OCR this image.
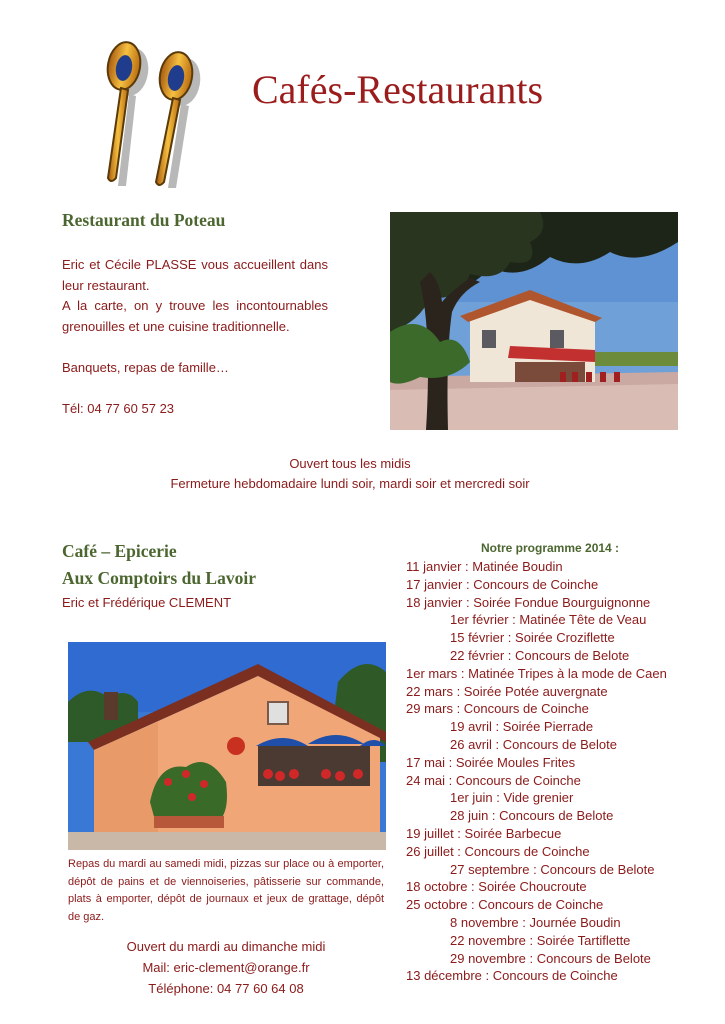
Cafés-Restaurants
Restaurant du Poteau
Eric et Cécile PLASSE vous accueillent dans
leur restaurant.
A la carte, on y trouve les incontournables
grenouilles et une cuisine traditionnelle.
Banquets, repas de famille…
Tél: 04 77 60 57 23
Ouvert tous les midis
Fermeture hebdomadaire lundi soir, mardi soir et mercredi soir
Café – Epicerie
Aux Comptoirs du Lavoir
Eric et Frédérique CLEMENT
Repas du mardi au samedi midi, pizzas sur place ou à emporter,
dépôt de pains et de viennoiseries, pâtisserie sur commande,
plats à emporter, dépôt de journaux et jeux de grattage, dépôt
de gaz.
Ouvert du mardi au dimanche midi
Mail: eric-clement@orange.fr
Téléphone: 04 77 60 64 08
Notre programme 2014 :
11 janvier : Matinée Boudin
17 janvier : Concours de Coinche
18 janvier : Soirée Fondue Bourguignonne
1er février : Matinée Tête de Veau
15 février : Soirée Croziflette
22 février : Concours de Belote
1er mars : Matinée Tripes à la mode de Caen
22 mars : Soirée Potée auvergnate
29 mars : Concours de Coinche
19 avril : Soirée Pierrade
26 avril : Concours de Belote
17 mai : Soirée Moules Frites
24 mai : Concours de Coinche
1er juin : Vide grenier
28 juin : Concours de Belote
19 juillet : Soirée Barbecue
26 juillet : Concours de Coinche
27 septembre : Concours de Belote
18 octobre : Soirée Choucroute
25 octobre : Concours de Coinche
8 novembre : Journée Boudin
22 novembre : Soirée Tartiflette
29 novembre : Concours de Belote
13 décembre : Concours de Coinche
